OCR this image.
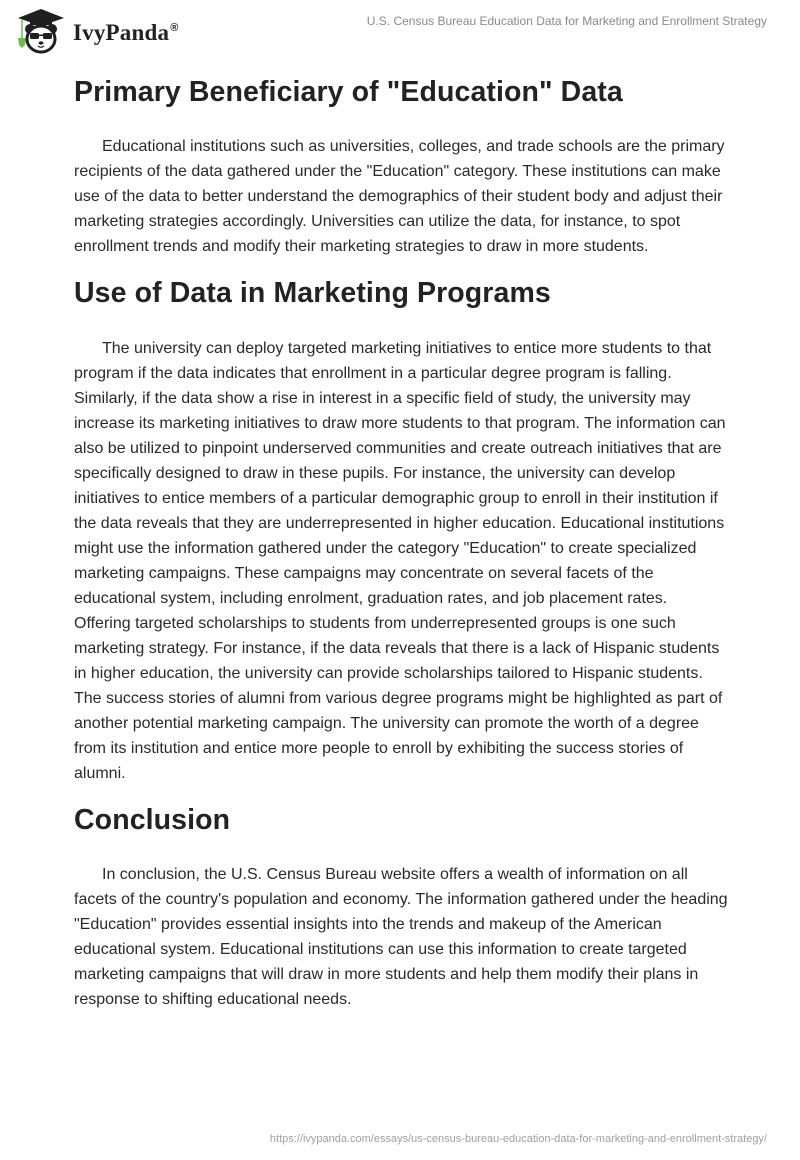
IvyPanda®
U.S. Census Bureau Education Data for Marketing and Enrollment Strategy
Primary Beneficiary of "Education" Data

Educational institutions such as universities, colleges, and trade schools are the primary recipients of the data gathered under the "Education" category. These institutions can make use of the data to better understand the demographics of their student body and adjust their marketing strategies accordingly. Universities can utilize the data, for instance, to spot enrollment trends and modify their marketing strategies to draw in more students.

Use of Data in Marketing Programs

The university can deploy targeted marketing initiatives to entice more students to that program if the data indicates that enrollment in a particular degree program is falling. Similarly, if the data show a rise in interest in a specific field of study, the university may increase its marketing initiatives to draw more students to that program. The information can also be utilized to pinpoint underserved communities and create outreach initiatives that are specifically designed to draw in these pupils. For instance, the university can develop initiatives to entice members of a particular demographic group to enroll in their institution if the data reveals that they are underrepresented in higher education. Educational institutions might use the information gathered under the category "Education" to create specialized marketing campaigns. These campaigns may concentrate on several facets of the educational system, including enrolment, graduation rates, and job placement rates. Offering targeted scholarships to students from underrepresented groups is one such marketing strategy. For instance, if the data reveals that there is a lack of Hispanic students in higher education, the university can provide scholarships tailored to Hispanic students. The success stories of alumni from various degree programs might be highlighted as part of another potential marketing campaign. The university can promote the worth of a degree from its institution and entice more people to enroll by exhibiting the success stories of alumni.

Conclusion

In conclusion, the U.S. Census Bureau website offers a wealth of information on all facets of the country's population and economy. The information gathered under the heading "Education" provides essential insights into the trends and makeup of the American educational system. Educational institutions can use this information to create targeted marketing campaigns that will draw in more students and help them modify their plans in response to shifting educational needs.

https://ivypanda.com/essays/us-census-bureau-education-data-for-marketing-and-enrollment-strategy/
